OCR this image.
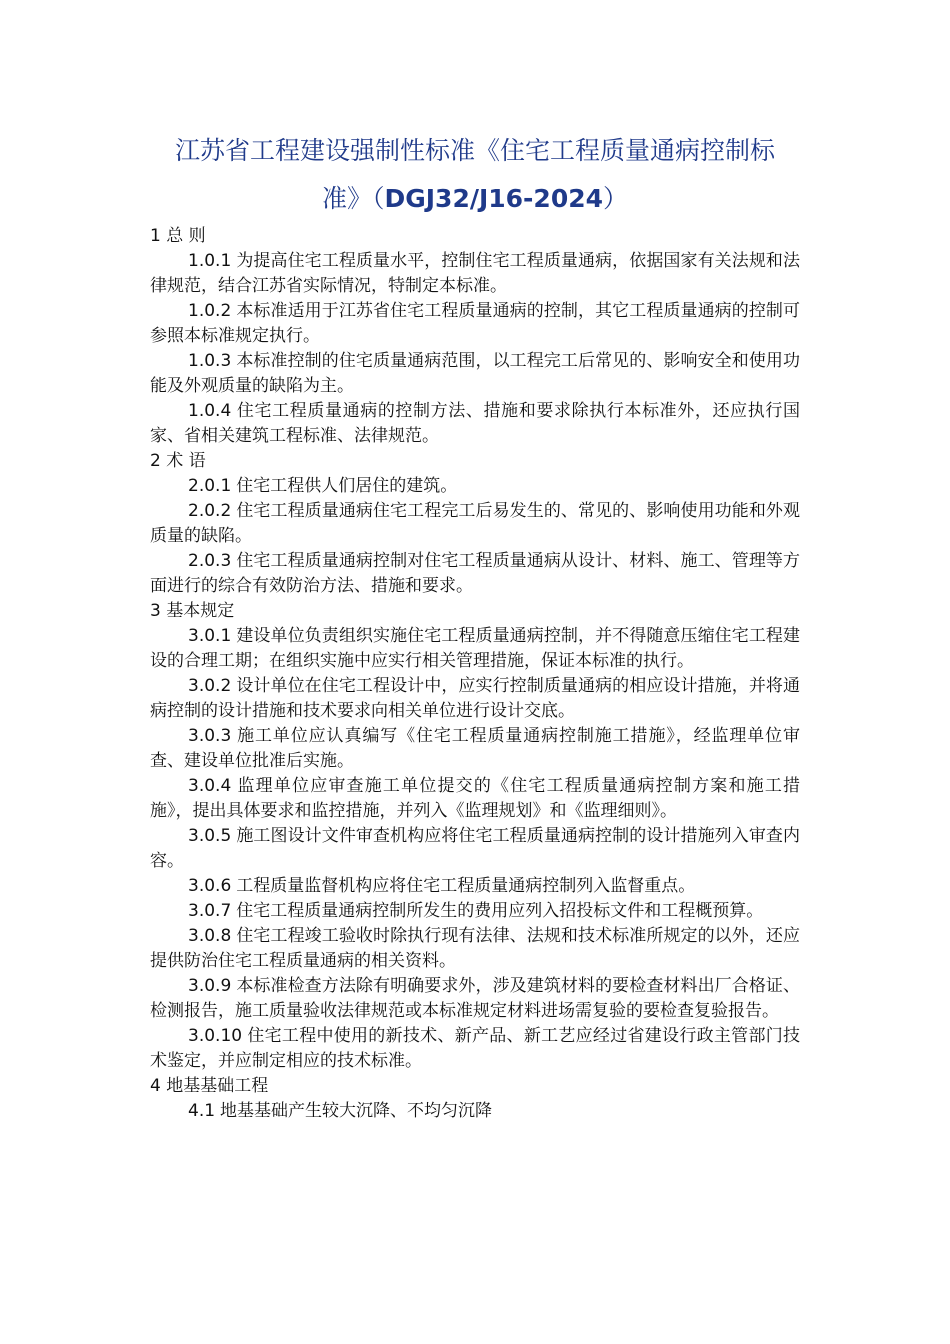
江苏省工程建设强制性标准《住宅工程质量通病控制标
准》（DGJ32/J16-2024）

1 总 则

1.0.1 为提高住宅工程质量水平，控制住宅工程质量通病，依据国家有关法规和法律规范，结合江苏省实际情况，特制定本标准。

1.0.2 本标准适用于江苏省住宅工程质量通病的控制，其它工程质量通病的控制可参照本标准规定执行。

1.0.3 本标准控制的住宅质量通病范围，以工程完工后常见的、影响安全和使用功能及外观质量的缺陷为主。

1.0.4 住宅工程质量通病的控制方法、措施和要求除执行本标准外，还应执行国家、省相关建筑工程标准、法律规范。

2 术 语

2.0.1 住宅工程供人们居住的建筑。

2.0.2 住宅工程质量通病住宅工程完工后易发生的、常见的、影响使用功能和外观质量的缺陷。

2.0.3 住宅工程质量通病控制对住宅工程质量通病从设计、材料、施工、管理等方面进行的综合有效防治方法、措施和要求。

3 基本规定

3.0.1 建设单位负责组织实施住宅工程质量通病控制，并不得随意压缩住宅工程建设的合理工期；在组织实施中应实行相关管理措施，保证本标准的执行。

3.0.2 设计单位在住宅工程设计中，应实行控制质量通病的相应设计措施，并将通病控制的设计措施和技术要求向相关单位进行设计交底。

3.0.3 施工单位应认真编写《住宅工程质量通病控制施工措施》，经监理单位审查、建设单位批准后实施。

3.0.4 监理单位应审查施工单位提交的《住宅工程质量通病控制方案和施工措施》，提出具体要求和监控措施，并列入《监理规划》和《监理细则》。

3.0.5 施工图设计文件审查机构应将住宅工程质量通病控制的设计措施列入审查内容。

3.0.6 工程质量监督机构应将住宅工程质量通病控制列入监督重点。

3.0.7 住宅工程质量通病控制所发生的费用应列入招投标文件和工程概预算。

3.0.8 住宅工程竣工验收时除执行现有法律、法规和技术标准所规定的以外，还应提供防治住宅工程质量通病的相关资料。

3.0.9 本标准检查方法除有明确要求外，涉及建筑材料的要检查材料出厂合格证、检测报告，施工质量验收法律规范或本标准规定材料进场需复验的要检查复验报告。

3.0.10 住宅工程中使用的新技术、新产品、新工艺应经过省建设行政主管部门技术鉴定，并应制定相应的技术标准。

4 地基基础工程

4.1 地基基础产生较大沉降、不均匀沉降
